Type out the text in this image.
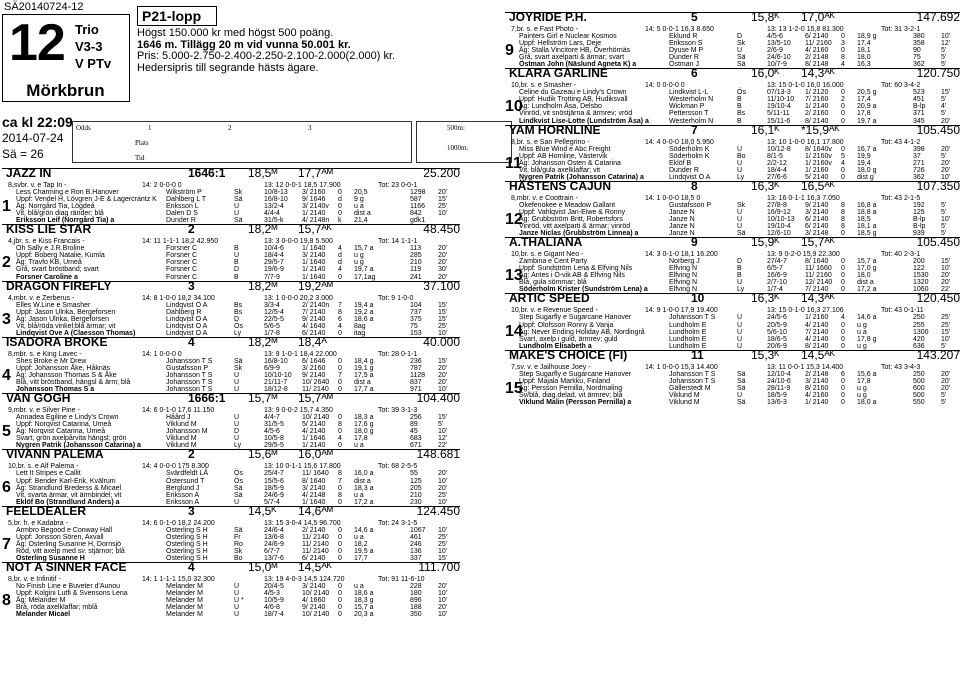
SÄ20140724-12
12 Trio
V3-3
V PTv
Mörkbrun
P21-lopp
Högst 150.000 kr med högst 500 poäng.
1646 m. Tillägg 20 m vid vunna 50.001 kr.
Pris: 5.000-2.750-2.400-2.250-2.100-2.000(2.000) kr.
Hedersipris till segrande hästs ägare.
ca kl 22:09
2014-07-24
Sä = 26
Odds	1	2	3
Plats
Tid
500m:
1000m:
JAZZ IN	1646:1 18,5ᴹ 17,7ᴬᴹ	25.200
8,svbr. v. e Tap In -	14: 2 0-0-0 0	13: 12 0-0-1 18,5 17.900	Tot: 23 0-0-1
1
Less Charming e Ron B.Hanover	Wikström P	Sk	10/8-13 3/ 2160 0 20,5	1298 20'
Uppf: Vendel H, Lövgren J-E & Lagercrantz K Dahlberg L T	Sä	16/8-10 9/ 1646 d 9 g	587 15'
Äg: Norrgård Tia, Lögdeå	Eriksson L	U	13/2-4	3/ 2140v 0 u a	1166 25'
Vit, blå/grön diag ränder; blå	Dalen D S	U	4/4-4	1/ 2140 0 dist a	842 10'
Eriksson Leif (Norrgård Tia) a	Dunder R	Sä	31/5-k	4/ 2148n k 21,4	gdk1
KISS LIE STAR	2	18,2ᴹ 15,7ᴬᴷ	48.450
4,jbr. s. e Kiss Francais -	14: 11 1-1-1 18,2 42.950	13: 3 0-0-0 19,8 5.500	Tot: 14 1-1-1
2
Oh Sally e J.R.Broline	Forsner C	B	10/4-6	1/ 1640 4 15,7 a	113 20'
Uppf: Boberg Natalie, Kumla	Forsner C	U	18/4-4	3/ 2140 d u g	285 20'
Äg: Travfo KB, Umeå	Forsner C	B	29/5-7	1/ 1640 d u g	210 20'
Grå, svart bröstband; svart	Forsner C	D	19/6-9	1/ 2140 4 19,7 a	119 30'
Forsner Caroline a	Forsner C	B	7/7-9	1/ 1640 0 17,1ag	241 20'
DRAGON FIREFLY	3	18,2ᴹ 19,2ᴬᴹ	37.100
4,mbr. v. e Zerberus -	14: 8 1-0-0 18,2 34.100	13: 1 0-0-0 20,2 3.000	Tot: 9 1-0-0
3
Elles W.Line e Smasher	Lindqvist O A	Bs	3/3-4	2/ 2140n 7 19,4 a	104 15'
Uppf: Jason Ulrika, Bergeforsen	Dahlberg R	Bs	12/5-4	7/ 2140 8 19,2 a	737 15'
Äg: Jason Ulrika, Bergeforsen	Lindqvist O A	D	22/5-5	9/ 2140 6 18,6 a	375 15'
Vit, blå/röda vinkel;blå ärmar; vit	Lindqvist O A	Ös	5/6-5	4/ 1640 4 8ag	75	25'
Lindqvist Ove A (Claesson Thomas)	Lindqvist O A	Ly	1/7-8	6/ 2140 0 itag	153 10'
ISADORA BROKE	4	18,2ᴹ 18,4ᴬ	40.000
8,mbr. s. e King Lavec -	14: 1 0-0-0 0	13: 9 1-0-1 18,4 22.000	Tot: 28 0-1-1
4
Shes Broke e Mr Drew	Johansson T S	Sä	16/8-10 6/ 1646 0 18,4 g	236 15'
Uppf: Johansson Åke, Håknäs	Gustafsson P	Sk	6/9-9	3/ 2160 0 19,1 g	787 20'
Äg: Johansson Thomas S & Åke	Johansson T S	U	10/10-10 9/ 2140 7 17,5 a	1128 20'
Blå, vitt bröstband, hängsl & ärm; blå	Johansson T S	U	21/11-7 10/ 2640 0 dist a	837 20'
Johansson Thomas S a	Johansson T S	U	18/12-8 11/ 2140 0 17,7 a	971 10'
VAN GOGH	1666:1 15,7ᴹ 15,7ᴬᴹ	104.400
9,mbr. v. e Silver Pine -	14: 6 0-1-0 17,6 11.150	13: 9 0-0-2 15,7 4.350	Tot: 39 3-1-3
5
Annadea Egiline e Lindy's Crown	Håård J	U	4/4-7	10/ 2140 0 18,3 a	256 15'
Uppf: Norqvist Catarina, Umeå	Viklund M	U	31/5-5	5/ 2140 8 17,6 g	89	5'
Äg: Norqvist Catarina, Umeå	Johansson M	D	4/5-6	4/ 2140 0 18,0 g	45	10'
Svart, grön axelpårvita hängsl; grön	Viklund M	U	10/5-8	1/ 1646 4 17,8	683 12'
Nygren Patrik (Johansson Catarina) a	Viklund M	Ly	29/5-5	1/ 2140 0 u a	671 22'
VIVANN PALEMA	2	15,6ᴹ 16,0ᴬᴹ	148.681
10,br. s. e Alf Palema -	14: 4 0-0-0 175 8.300	13: 10 0-1-1 15,6 17.800	Tot: 68 2-5-5
6
Lett It Stripes e Callit	Svärdfeldt LÅ	Ös	25/4-7	11/ 1640 8 16,0 a	55	20'
Uppf: Bender Karl-Erik, Kvälrum	Östersund T	Ös	15/5-6	8/ 1640 7 dist a	125 10'
Äg: Strandlund Brederss & Micael	Berglund J	Sä	18/5-9	3/ 2140 0 18,3 a	205 20'
Vit, svarta ärmar, vit ärmbindel; vit	Eriksson A	Sä	24/6-9	4/ 2148 8 u a	210 25'
Eklöf Bo (Strandlund Anders) a	Eriksson A	U	5/7-4	1/ 1640 0 17,2 a	230 10'
FEELDEALER	3	14,5ᴷ 14,6ᴬᴹ	124.450
5,br. h. e Kadabra -	14: 6 0-1-0 18,2 24.200	13: 15 3-0-4 14,5 96.700	Tot: 24 3-1-5
7
Armbro Begood e Conway Hall	Osterling S H	Sä	24/6-4	2/ 2140 0 14,6 a	1067 10'
Uppf: Jonsson Sören, Axvall	Osterling S H	Fr	13/6-8	11/ 2140 0 u a	461 25'
Äg: Osterling Susanne H, Dornsjö	Osterling S H	Ro	24/6-9	11/ 2140 0 18,2	246 25'
Röd, vitt axelp med sv. stjärnor; blå	Osterling S H	Sk	6/7-7	11/ 2140 0 19,5 a	136 10'
Osterling Susanne H	Osterling S H	Bo	13/7-6	6/ 2140 0 17,7	337 15'
NOT A SINNER FACE	4	15,0ᴹ 14,5ᴬᴷ	111.700
8,br. v. e Infinitif -	14: 1 1-1-1 15,0 32.300	13: 19 4-0-3 14,5 124.720	Tot: 91 11-6-10
8
No Finish Line e Buveter d'Aunou	Melander M	U	20/4-5	3/ 2140 0 u a	228 20'
Uppf: Kolgini Lutfi & Svensons Lena	Melander M	U	4/5-3	10/ 2140 0 18,6 a	180 10'
Äg: Melander M	Melander M	U *	10/5-9	4/ 1660 0 18,3 g	896 10'
Brå, röda axelklaffar; mblå	Melander M	U	4/6-8	9/ 2140 0 15,7 a	188 20'
Melander Micael	Melander M	U	18/7-4	10/ 2140 0 20,3 a	350 10'
JOYRIDE P.H.	5	15,8ᴷ 17,0ᴬᴷ	147.692
7,br. s. e Fast Photo -	14: 5 0-0-1 16,3 8.650	13: 13 1-2-0 15,8 81.300	Tot: 31 3-2-1
9
Painters Girl e Nuclear Kosmos	Eklund R	D	4/5-6	6/ 2140 0 18,9 g	380 10'
Uppf: Hellström Lars, Deje	Eriksson S	Sk	13/5-10 11/ 2160 3 17,4	358 12'
Äg: Stalla Vincitore HB, Överhörnäs	Dyuse M P	U	2/6-9	4/ 2160 0 18,1	90	5'
Grå, svart axelparti & ärmar; svart	Dunder R	Sä	24/6-10 2/ 2148 8 18,0	75	5'
Östman John (Näslund Agneta K) a	Östman J	Sä	10/7-9	8/ 2148 4 16,3	362 5'
KLARA GARLINE	6	16,0ᴷ 14,3ᴬᴷ	120.750
10,br. s. e Smasher -	14: 0 0-0-0 0	13: 15 0-1-0 16,0 16.000	Tot: 60 3-4-2
10
Celine du Gazeau e Lindy's Crown	Lindkvist L-L	Ös	07/13-3 1/ 2120 0 20,5 g	523 15'
Uppf: Hudik Trotting AB, Hudiksvall	Westerholm N	B	11/10-10 7/ 2160 2 17,4	451 5'
Äg: Lundholm Åsa, Delsbo	Wickman P	B	19/10-4 1/ 2140 0 20,9 a	B-lp 4'
Vinröd, vit snöstjärna & ärmrev; vröd	Pettersson T	Bs	5/11-11 2/ 2160 0 17,8	371 5'
Lindkvist Lise-Lotte (Lundström Åsa) a	Westerholm N	B	15/11-6 8/ 2140 0 19,7 a	345 20'
YAM HORNLINE	7	16,1ᴷ *15,9ᴬᴷ	105.450
8,br. s. e San Pellegrino -	14: 4 0-0-0 18,0 5.950	13: 10 1-0-0 16,1 17.800	Tot: 43 4-1-2
11
Miss Blue Wind e Abc Freight	Söderholm K	U	10/12-8 8/ 1640v 0 16,7 a	398 20'
Uppf: AB Hornline, Västervik	Söderholm K	Bo	8/1-5	1/ 2160v 5 19,9	37	5'
Äg: Johansson Östen & Catarina	Eklöf B	U	2/2-12	1/ 2160v 4 19,4	271 20'
Vit, blå/gula axelklaffar; vit	Dunder R	U	18/4-4	1/ 2160 0 18,0 g	726 20'
Nygren Patrik (Johansson Catarina) a	Lindqvist O A	Ly	27/6-6	5/ 2140 0 dist g	362 10'
HÄSTENS CAJUN	8	16,3ᴷ 16,5ᴬᴷ	107.350
8,mbr. v. e Coottrain -	14: 1 0-0-0 18,5 0	13: 16 0-1-1 16,3 7.050	Tot: 43 2-1-5
12
Okefenokee e Meadow Gallant	Gustafsson P	Sk	27/8-8	9/ 2140 8 16,8 a	192 5'
Uppf: Vahlqvist Jan-Eiwe & Ronny	Janze N	U	16/9-12 3/ 2140 8 18,8 a	125 5'
Äg: Grubbström Britt, Robertsfors	Janze N	U	10/10-13 6/ 2140 8 18,5	B-lp 10'
Vinröd, vitt axelparti & ärmar; vinröd	Janze N	U	19/10-4 6/ 2140 8 18,1 a	B-lp 5'
Janze Niclas (Grubbström Linnea) a	Janze N	Sä	12/6-10 3/ 2148 0 18,5 g	939 5'
A.THALIANA	9	15,9ᴷ 15,7ᴬᴷ	105.450
10,br. s. e Gigant Neo -	14: 3 0-1-0 18,1 16.200	13: 9 0-2-0 15,9 22.300	Tot: 40 2-3-1
13
Zambina e Cent Party	Norberg J	D	27/4-7	8/ 1640 0 15,7 a	200 15'
Uppf: Sundström Lena & Elfving Nils	Elfving N	B	6/5-7	11/ 1660 0 17,0 g	122 10'
Äg: Antes i Ö-vik AB & Elfving Nils	Elfving N	B	16/6-9	11/ 2160 0 18,0	1530 20'
Blå, gula sömmar; blå	Elfving N	U	2/7-10	12/ 2140 0 dist a	1320 20'
Söderholm Krister (Sundström Lena) a	Elfving N	Ly	1/7-4	7/ 2140 0 17,2 a	1060 22'
ARTIC SPEED	10	16,3ᴷ 14,3ᴬᴷ	120.450
10,br. v. e Revenue Speed -	14: 9 1-0-0 17,9 19.400	13: 15 0-1-0 16,3 27.106	Tot: 43 0-1-11
14
Step Sugarfly e Sugarcane Hanover	Johansson T S	U	24/5-6	1/ 2160 4 14,6 a	250 25'
Uppf: Olofsson Ronny & Vanja	Lundholm E	U	20/5-9	4/ 2140 0 u g	255 25'
Äg: Never Ending Holiday AB, Nordingrå	Lundholm E	U	5/6-10	7/ 2140 0 u a	1300 15'
Svart, axelp i guld, ärmrev; guld	Lundholm E	U	18/6-5	4/ 2140 0 17,8 g	420 10'
Lundholm Elisabeth a	Lundholm E	U	20/6-9	8/ 2140 0 u g	636 5'
MAKE'S CHOICE (FI)	11	15,3ᴷ 14,5ᴬᴷ	143.207
7,sv. v. e Jailhouse Joey -	14: 1 0-0-0 15,3 14.400	13: 11 0-0-1 15,3 14.400	Tot: 43 3-4-3
15
Step Sugarfly e Sugarcane Hanover	Johansson T S	Sä	12/10-4 2/ 2148 6 15,6 a	250 20'
Uppf: Majala Markku, Finland	Johansson T S	Sä	24/10-6 3/ 2140 0 17,8	500 20'
Äg: Persson Pernilla, Nordmaling	Gällerstedt M	Sä	28/11-9 8/ 2160 0 u g	600 20'
Sv/blå, diag.delad, vit ärmrev; blå	Viklund M	U	18/5-9	4/ 2160 0 u g	500 5'
Viklund Malin (Persson Pernilla) a	Viklund M	Sä	13/6-3	1/ 2140 0 18,0 a	550 5'
